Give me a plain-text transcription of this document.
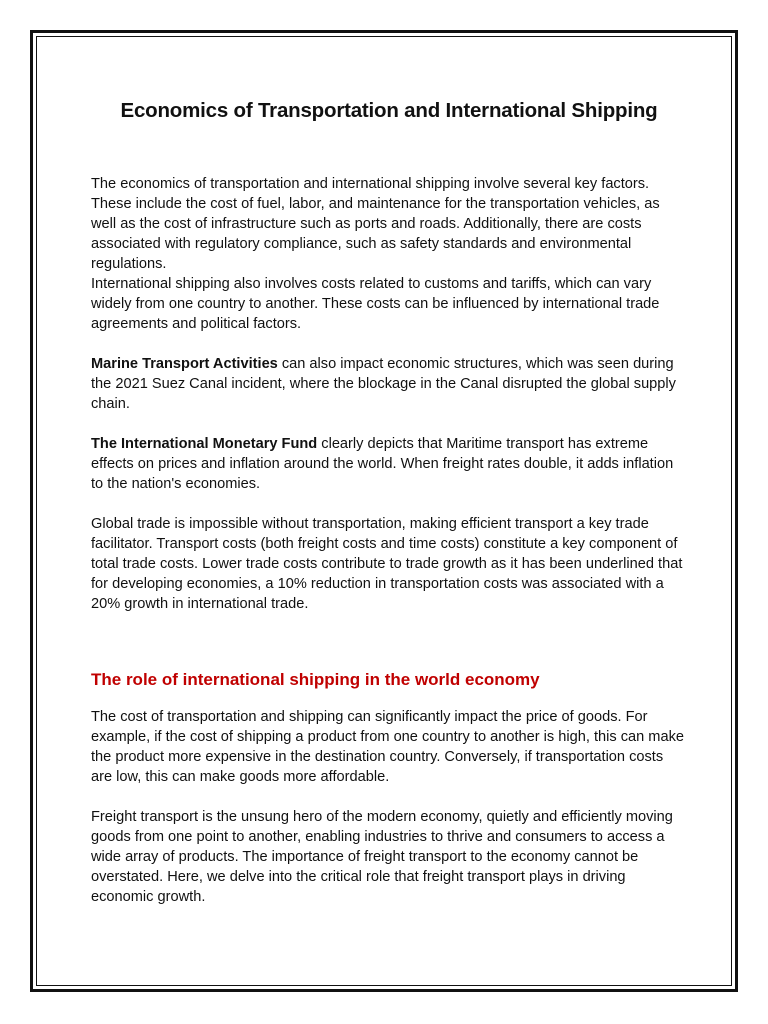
Economics of Transportation and International Shipping

The economics of transportation and international shipping involve several key factors. These include the cost of fuel, labor, and maintenance for the transportation vehicles, as well as the cost of infrastructure such as ports and roads. Additionally, there are costs associated with regulatory compliance, such as safety standards and environmental regulations.

International shipping also involves costs related to customs and tariffs, which can vary widely from one country to another. These costs can be influenced by international trade agreements and political factors.

Marine Transport Activities can also impact economic structures, which was seen during the 2021 Suez Canal incident, where the blockage in the Canal disrupted the global supply chain.

The International Monetary Fund clearly depicts that Maritime transport has extreme effects on prices and inflation around the world. When freight rates double, it adds inflation to the nation's economies.

Global trade is impossible without transportation, making efficient transport a key trade facilitator. Transport costs (both freight costs and time costs) constitute a key component of total trade costs. Lower trade costs contribute to trade growth as it has been underlined that for developing economies, a 10% reduction in transportation costs was associated with a 20% growth in international trade.

The role of international shipping in the world economy

The cost of transportation and shipping can significantly impact the price of goods. For example, if the cost of shipping a product from one country to another is high, this can make the product more expensive in the destination country. Conversely, if transportation costs are low, this can make goods more affordable.

Freight transport is the unsung hero of the modern economy, quietly and efficiently moving goods from one point to another, enabling industries to thrive and consumers to access a wide array of products. The importance of freight transport to the economy cannot be overstated. Here, we delve into the critical role that freight transport plays in driving economic growth.
